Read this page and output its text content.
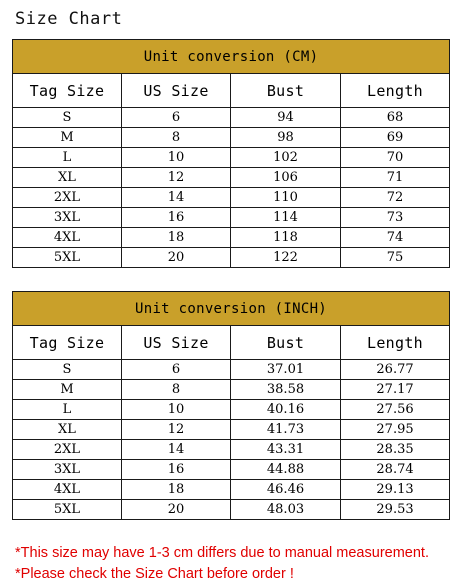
Size Chart
Unit conversion (CM)			
Tag Size	US Size	Bust	Length
S	6	94	68
M	8	98	69
L	10	102	70
XL	12	106	71
2XL	14	110	72
3XL	16	114	73
4XL	18	118	74
5XL	20	122	75
Unit conversion (INCH)			
Tag Size	US Size	Bust	Length
S	6	37.01	26.77
M	8	38.58	27.17
L	10	40.16	27.56
XL	12	41.73	27.95
2XL	14	43.31	28.35
3XL	16	44.88	28.74
4XL	18	46.46	29.13
5XL	20	48.03	29.53
*This size may have 1-3 cm differs due to manual measurement.
*Please check the Size Chart before order !
